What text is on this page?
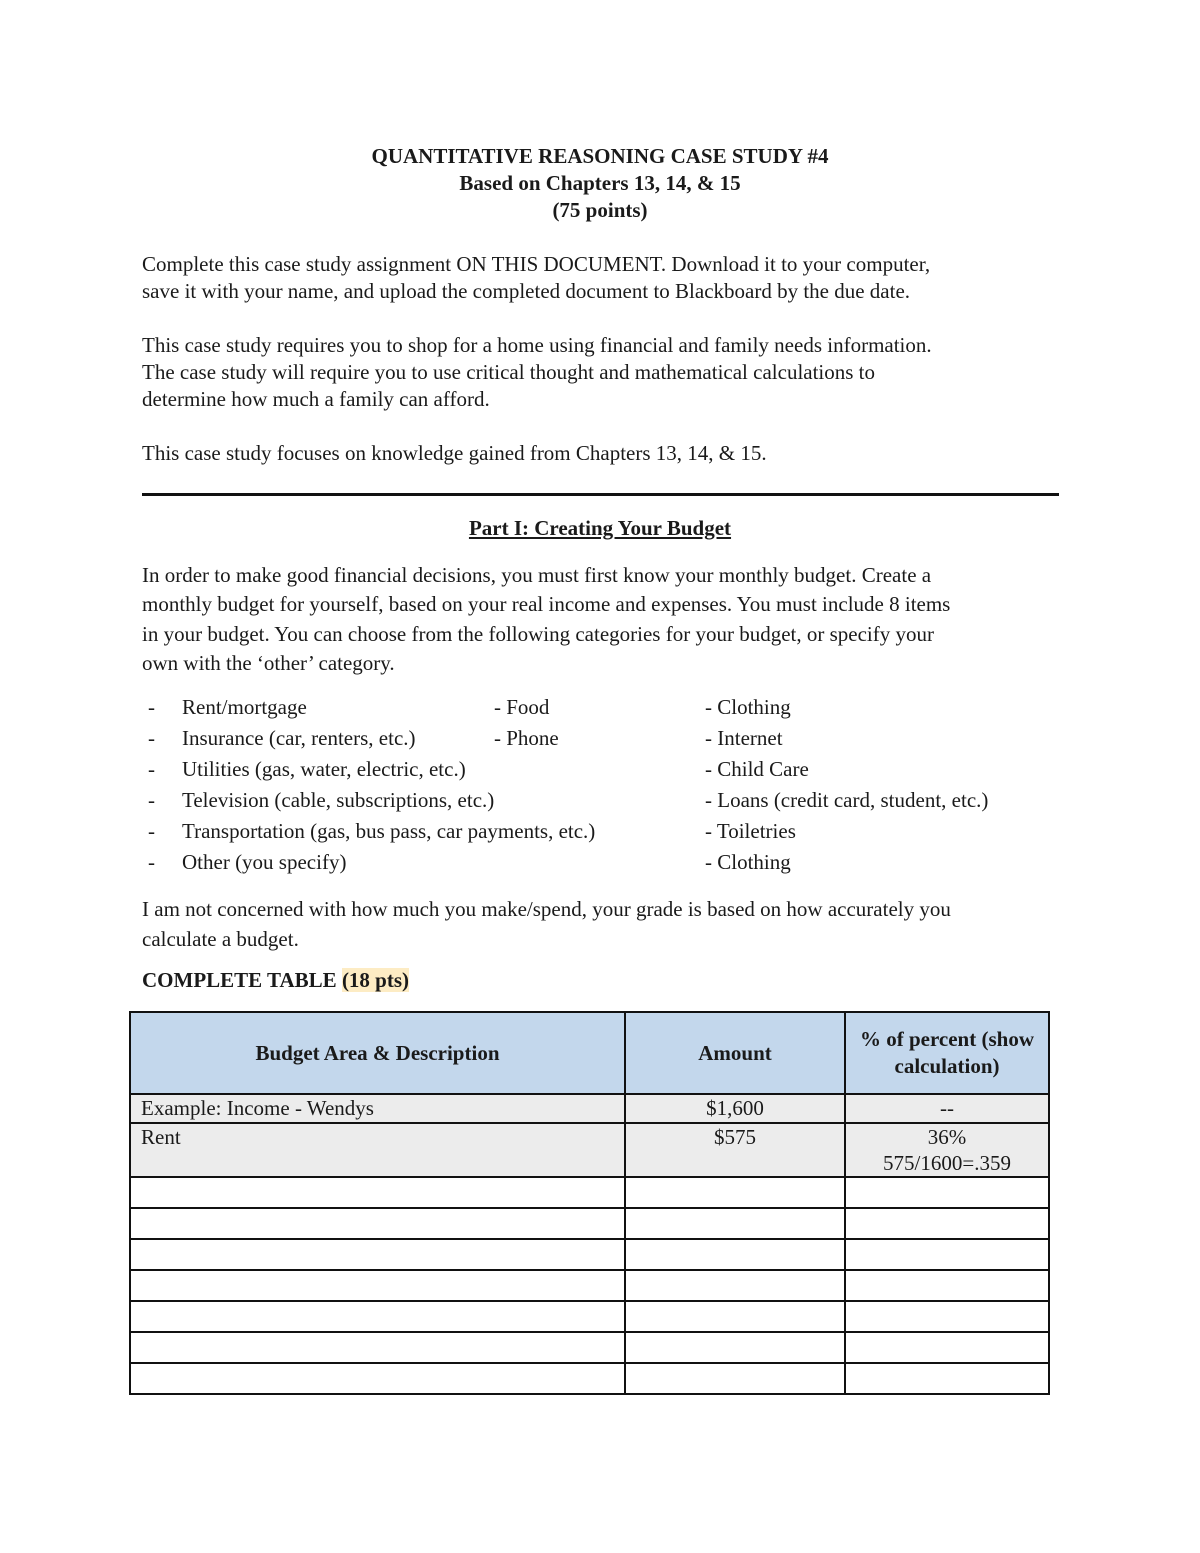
QUANTITATIVE REASONING CASE STUDY #4
Based on Chapters 13, 14, & 15
(75 points)
Complete this case study assignment ON THIS DOCUMENT. Download it to your computer,
save it with your name, and upload the completed document to Blackboard by the due date.
This case study requires you to shop for a home using financial and family needs information.
The case study will require you to use critical thought and mathematical calculations to
determine how much a family can afford.
This case study focuses on knowledge gained from Chapters 13, 14, & 15.
Part I: Creating Your Budget
In order to make good financial decisions, you must first know your monthly budget. Create a
monthly budget for yourself, based on your real income and expenses. You must include 8 items
in your budget. You can choose from the following categories for your budget, or specify your
own with the ‘other’ category.
- Rent/mortgage	- Food	- Clothing
- Insurance (car, renters, etc.)	- Phone	- Internet
- Utilities (gas, water, electric, etc.)	- Child Care
- Television (cable, subscriptions, etc.)	- Loans (credit card, student, etc.)
- Transportation (gas, bus pass, car payments, etc.)	- Toiletries
- Other (you specify)	- Clothing
I am not concerned with how much you make/spend, your grade is based on how accurately you
calculate a budget.
COMPLETE TABLE (18 pts)
Budget Area & Description	Amount	% of percent (show calculation)
Example: Income - Wendys	$1,600	--
Rent	$575	36%
575/1600=.359
